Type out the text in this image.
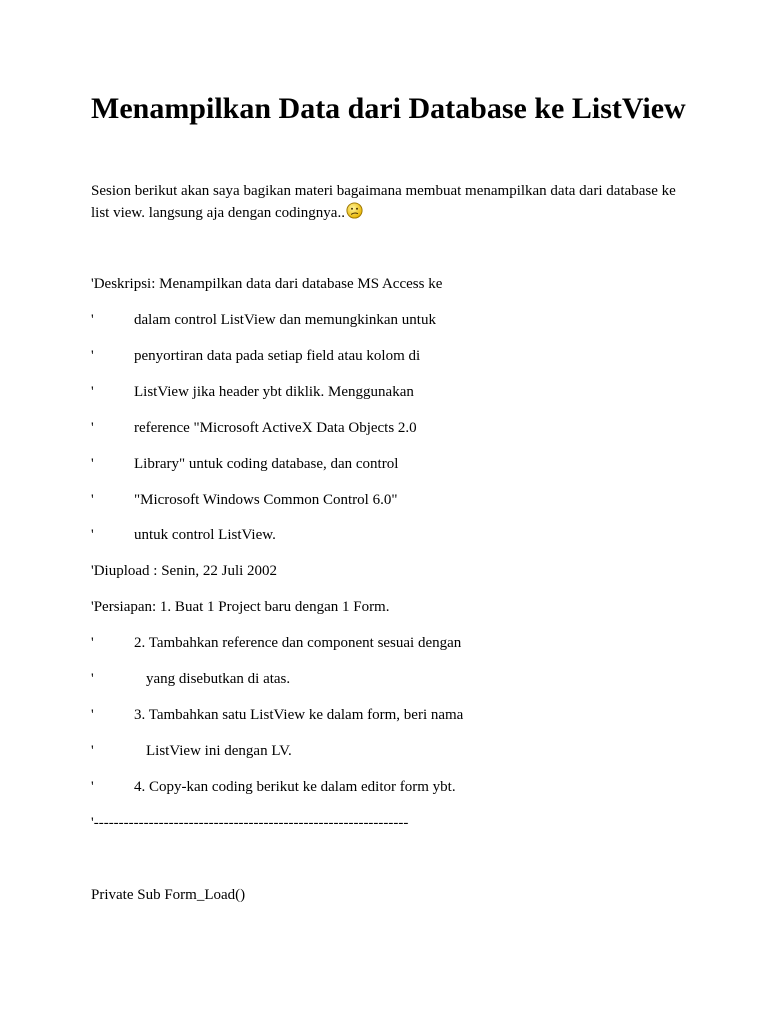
Menampilkan Data dari Database ke ListView

Sesion berikut akan saya bagikan materi bagaimana membuat menampilkan data dari database ke list view. langsung aja dengan codingnya..

'Deskripsi: Menampilkan data dari database MS Access ke
'	dalam control ListView dan memungkinkan untuk
'	penyortiran data pada setiap field atau kolom di
'	ListView jika header ybt diklik. Menggunakan
'	reference "Microsoft ActiveX Data Objects 2.0
'	Library" untuk coding database, dan control
'	"Microsoft Windows Common Control 6.0"
'	untuk control ListView.
'Diupload : Senin, 22 Juli 2002
'Persiapan: 1. Buat 1 Project baru dengan 1 Form.
'	2. Tambahkan reference dan component sesuai dengan
'	yang disebutkan di atas.
'	3. Tambahkan satu ListView ke dalam form, beri nama
'	ListView ini dengan LV.
'	4. Copy-kan coding berikut ke dalam editor form ybt.
'---------------------------------------------------------------
Private Sub Form_Load()
